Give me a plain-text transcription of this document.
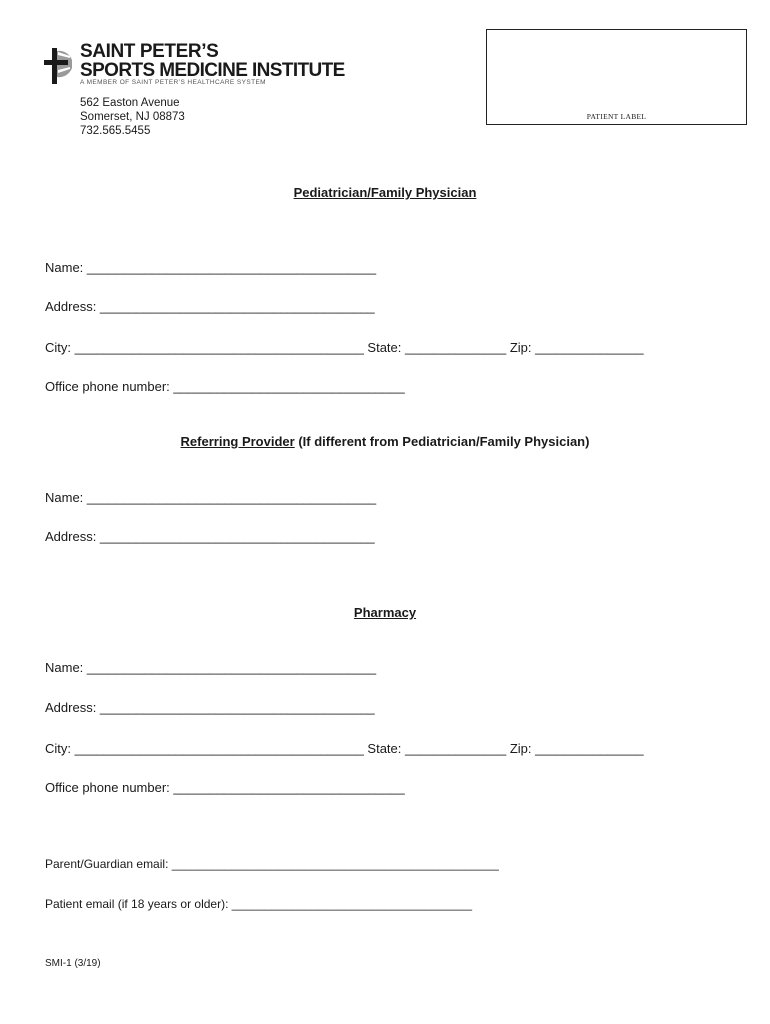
SAINT PETER’S
SPORTS MEDICINE INSTITUTE
A MEMBER OF SAINT PETER’S HEALTHCARE SYSTEM
562 Easton Avenue
Somerset, NJ 08873
732.565.5455
PATIENT LABEL
Pediatrician/Family Physician
Name: ________________________________________
Address: ______________________________________
City: ________________________________________ State: ______________ Zip: _______________
Office phone number: ________________________________
Referring Provider (If different from Pediatrician/Family Physician)
Name: ________________________________________
Address: ______________________________________
Pharmacy
Name: ________________________________________
Address: ______________________________________
City: ________________________________________ State: ______________ Zip: _______________
Office phone number: ________________________________
Parent/Guardian email: _________________________________________________
Patient email (if 18 years or older): ____________________________________
SMI-1 (3/19)
